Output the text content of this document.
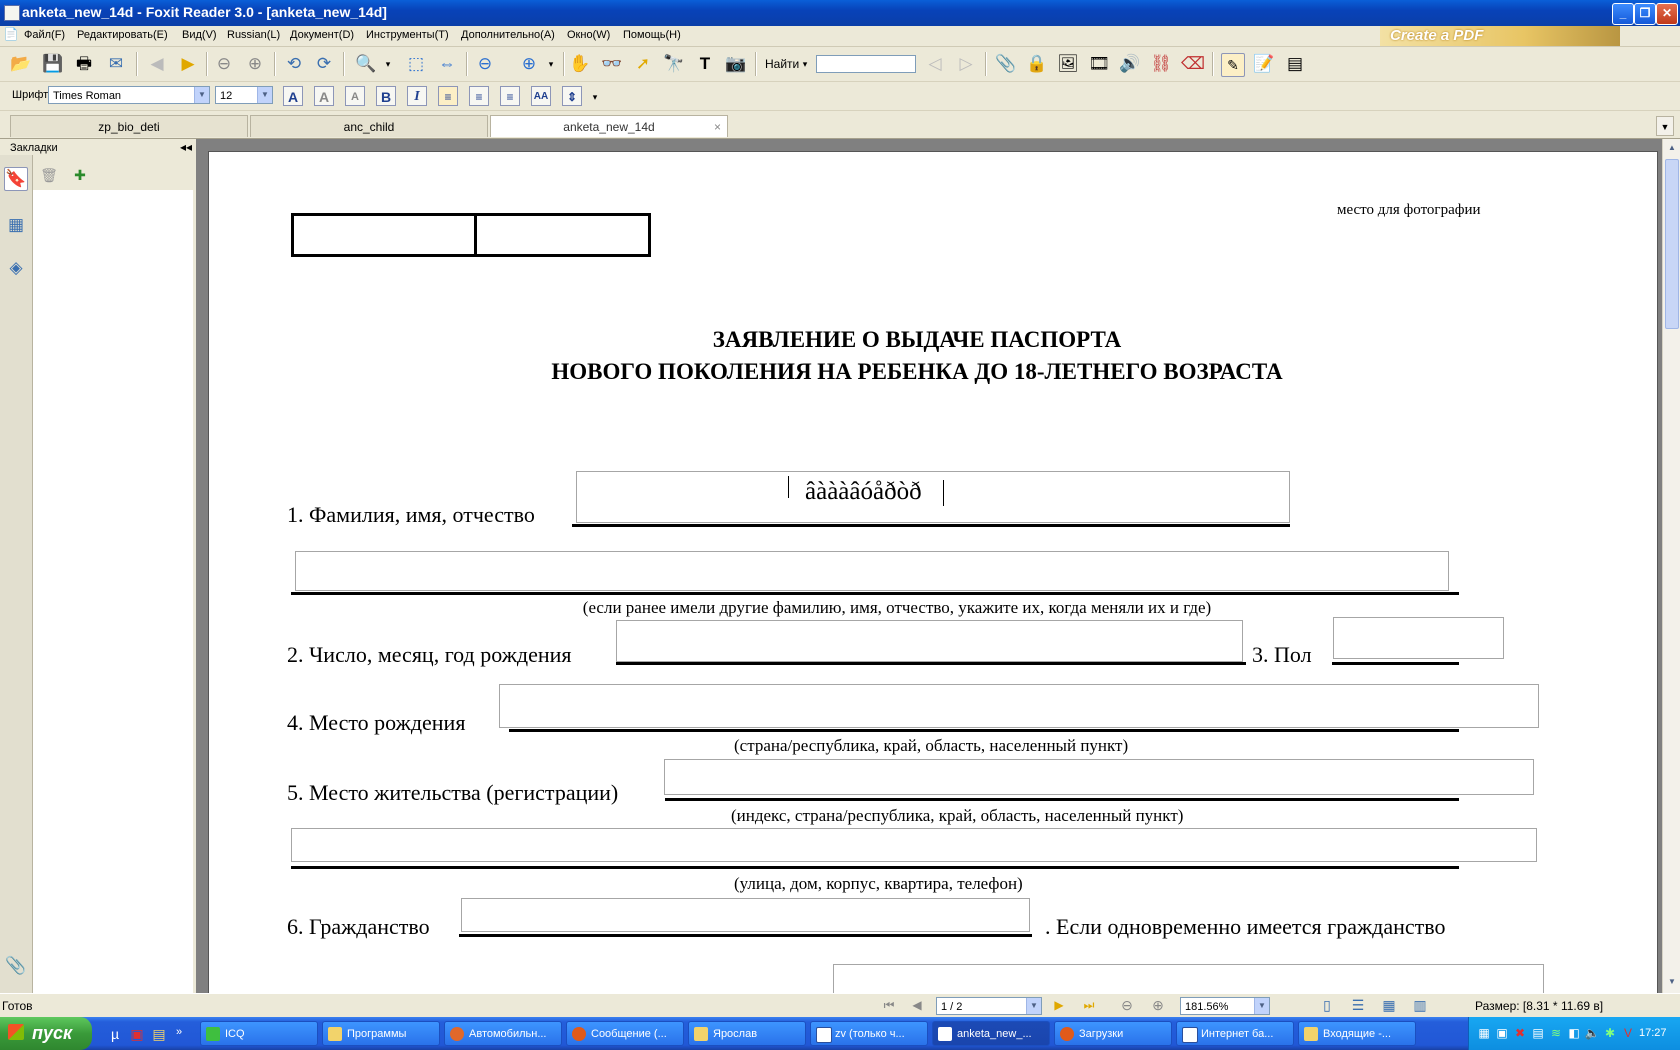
anketa_new_14d - Foxit Reader 3.0 - [anketa_new_14d]	_	❐ ✕
📄 Файл(F) Редактировать(E) Вид(V) Russian(L) Документ(D) Инструменты(T) Дополнительно(A) Окно(W) Помощь(H)	Create a PDF
📂 💾 🖶 ✉ ◀ ▶ ⊖ ⊕ ⟲ ⟳ 🔍	▾	⬚ ⇔ ⊖ ⊕	▾ ✋ 👓 ➚ 🔭 T 📷 Найти ▾	◁ ▷ 📎 🔒 🖼 🎞 🔊 ⛓ ⌫	✎ 📝 ▤
Шрифт Times Roman	▼	12	▼	A	A	A	B	I	≡	≡	≡	AA	⇕	▾
zp_bio_deti	anc_child	anketa_new_14d	×	▼
Закладки	◂◂
🔖
▦
◈
📎
🗑	✚
место для фотографии
ЗАЯВЛЕНИЕ О ВЫДАЧЕ ПАСПОРТА
НОВОГО ПОКОЛЕНИЯ НА РЕБЕНКА ДО 18-ЛЕТНЕГО ВОЗРАСТА
1. Фамилия, имя, отчество
âàààâóåðòð
(если ранее имели другие фамилию, имя, отчество, укажите их, когда меняли их и где)
2. Число, месяц, год рождения	3. Пол
4. Место рождения
(страна/республика, край, область, населенный пункт)
5. Место жительства (регистрации)
(индекс, страна/республика, край, область, населенный пункт)
(улица, дом, корпус, квартира, телефон)
6. Гражданство	. Если одновременно имеется гражданство
▲
▼
Готов	⏮	◀	1 / 2	▼	▶	⏭	⊖	⊕	181.56%	▼	▯	☰	▦	▥	Размер: [8.31 * 11.69 в]
ICQ	Программы	Автомобильн...	Сообщение (...	Ярослав	zv (только ч...	anketa_new_...	Загрузки	Интернет ба...	Входящие -...
пуск	µ ▣ ▤ »	▦ ▣ ✖ ▤ ≋ ◧ 🔈 ✱ V 17:27
